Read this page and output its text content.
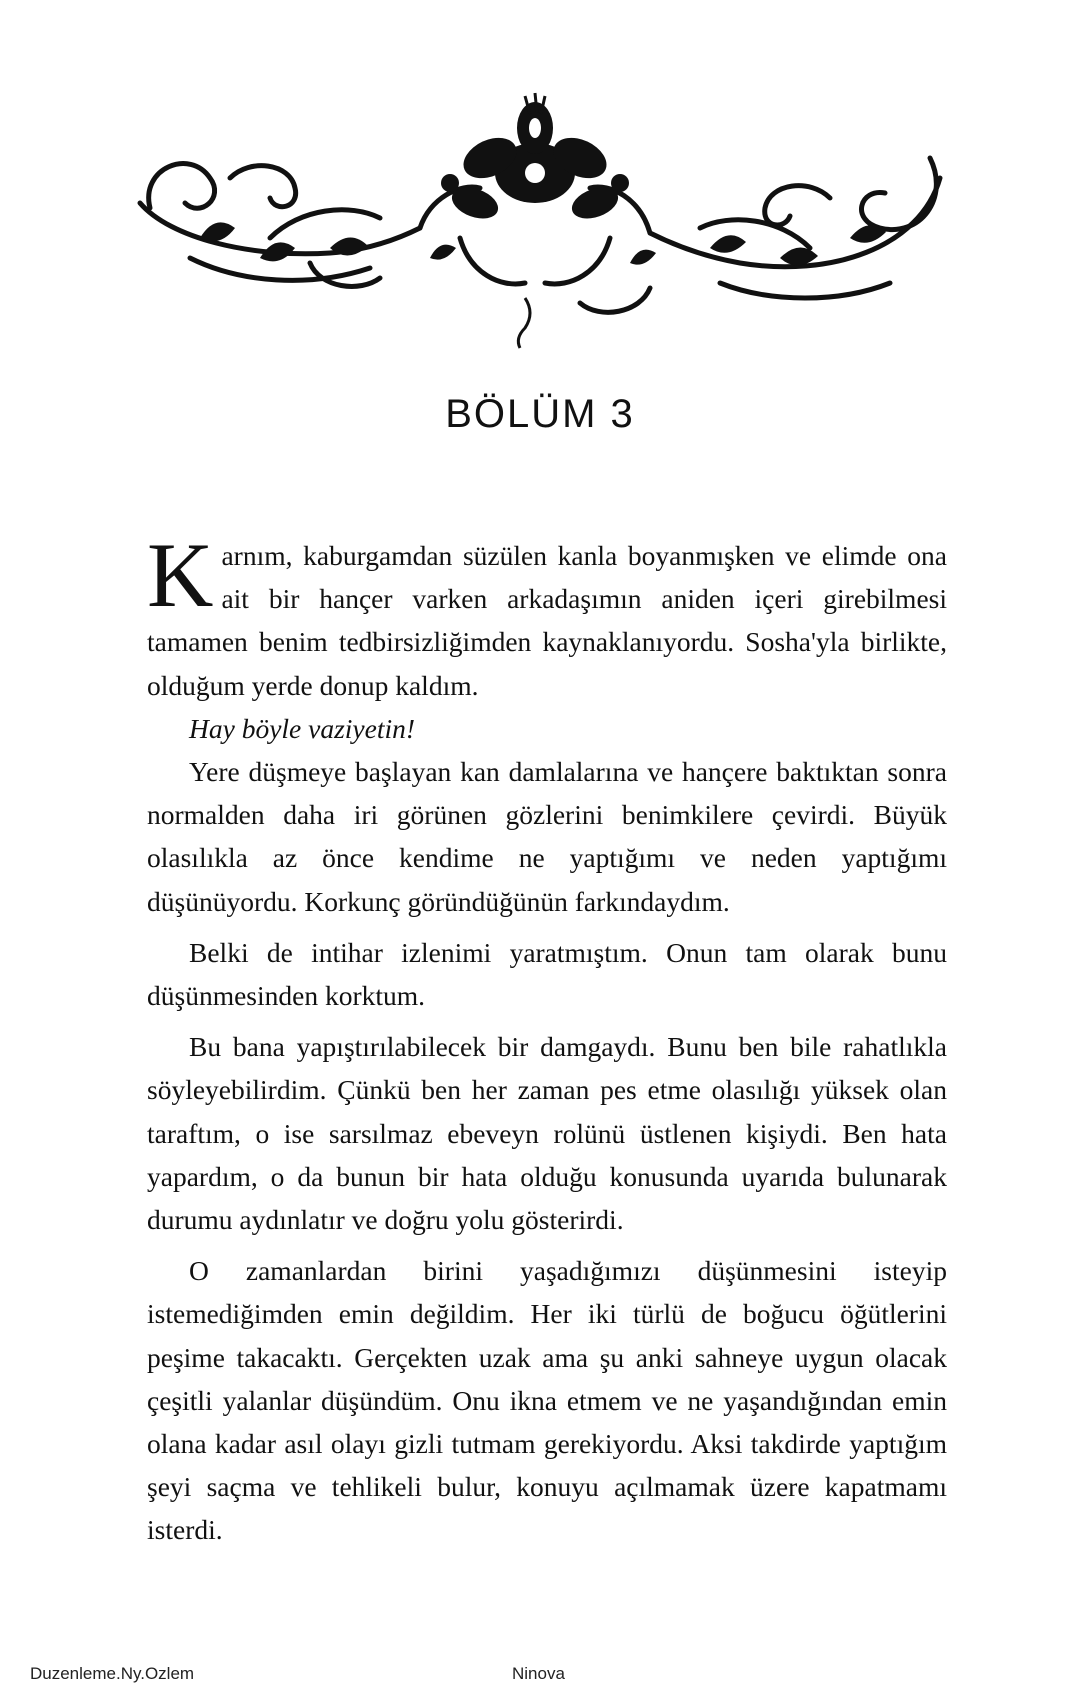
BÖLÜM 3

Karnım, kaburgamdan süzülen kanla boyanmışken ve elimde ona ait bir hançer varken arkadaşımın aniden içeri girebilmesi tamamen benim tedbirsizliğimden kaynaklanıyordu. Sosha'yla birlikte, olduğum yerde donup kaldım.

Hay böyle vaziyetin!

Yere düşmeye başlayan kan damlalarına ve hançere baktıktan sonra normalden daha iri görünen gözlerini benimkilere çevirdi. Büyük olasılıkla az önce kendime ne yaptığımı ve neden yaptığımı düşünüyordu. Korkunç göründüğünün farkındaydım.

Belki de intihar izlenimi yaratmıştım. Onun tam olarak bunu düşünmesinden korktum.

Bu bana yapıştırılabilecek bir damgaydı. Bunu ben bile rahatlıkla söyleyebilirdim. Çünkü ben her zaman pes etme olasılığı yüksek olan taraftım, o ise sarsılmaz ebeveyn rolünü üstlenen kişiydi. Ben hata yapardım, o da bunun bir hata olduğu konusunda uyarıda bulunarak durumu aydınlatır ve doğru yolu gösterirdi.

O zamanlardan birini yaşadığımızı düşünmesini isteyip istemediğimden emin değildim. Her iki türlü de boğucu öğütlerini peşime takacaktı. Gerçekten uzak ama şu anki sahneye uygun olacak çeşitli yalanlar düşündüm. Onu ikna etmem ve ne yaşandığından emin olana kadar asıl olayı gizli tutmam gerekiyordu. Aksi takdirde yaptığım şeyi saçma ve tehlikeli bulur, konuyu açılmamak üzere kapatmamı isterdi.

Duzenleme.Ny.Ozlem	Ninova
